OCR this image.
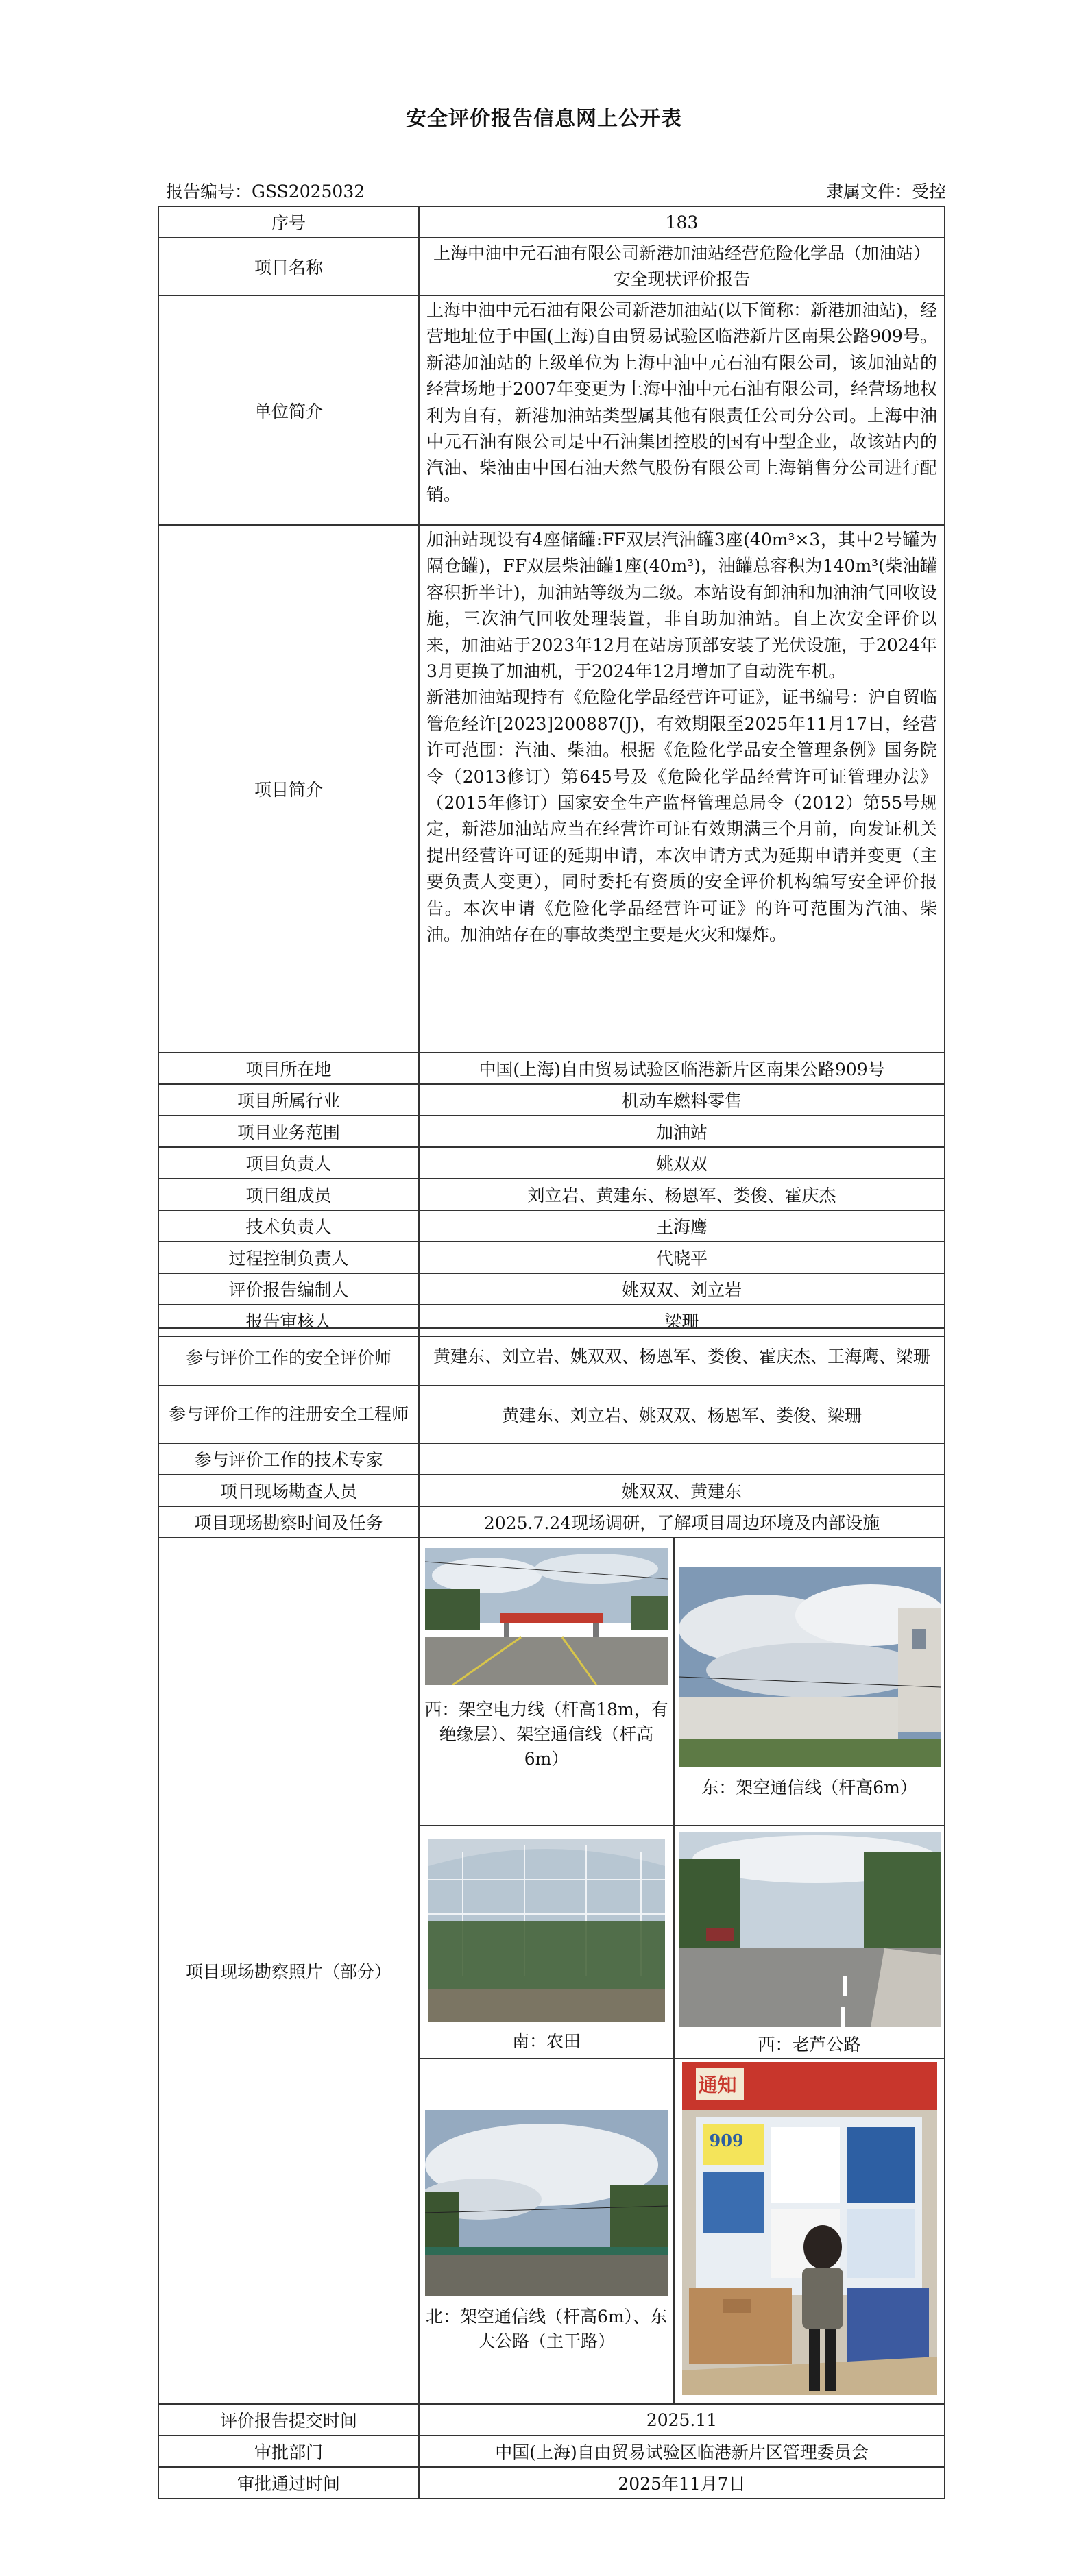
安全评价报告信息网上公开表
报告编号：GSS2025032	隶属文件：受控
序号	183
项目名称	上海中油中元石油有限公司新港加油站经营危险化学品（加油站）安全现状评价报告
单位简介	上海中油中元石油有限公司新港加油站(以下简称：新港加油站)，经营地址位于中国(上海)自由贸易试验区临港新片区南果公路909号。新港加油站的上级单位为上海中油中元石油有限公司，该加油站的经营场地于2007年变更为上海中油中元石油有限公司，经营场地权利为自有，新港加油站类型属其他有限责任公司分公司。上海中油中元石油有限公司是中石油集团控股的国有中型企业，故该站内的汽油、柴油由中国石油天然气股份有限公司上海销售分公司进行配销。
项目简介	加油站现设有4座储罐:FF双层汽油罐3座(40m³×3，其中2号罐为隔仓罐)，FF双层柴油罐1座(40m³)，油罐总容积为140m³(柴油罐容积折半计)，加油站等级为二级。本站设有卸油和加油油气回收设施，三次油气回收处理装置，非自助加油站。自上次安全评价以来，加油站于2023年12月在站房顶部安装了光伏设施，于2024年3月更换了加油机，于2024年12月增加了自动洗车机。
新港加油站现持有《危险化学品经营许可证》，证书编号：沪自贸临管危经许[2023]200887(J)，有效期限至2025年11月17日，经营许可范围：汽油、柴油。根据《危险化学品安全管理条例》国务院令（2013修订）第645号及《危险化学品经营许可证管理办法》（2015年修订）国家安全生产监督管理总局令（2012）第55号规定，新港加油站应当在经营许可证有效期满三个月前，向发证机关提出经营许可证的延期申请，本次申请方式为延期申请并变更（主要负责人变更），同时委托有资质的安全评价机构编写安全评价报告。本次申请《危险化学品经营许可证》的许可范围为汽油、柴油。加油站存在的事故类型主要是火灾和爆炸。

项目所在地	中国(上海)自由贸易试验区临港新片区南果公路909号
项目所属行业	机动车燃料零售
项目业务范围	加油站
项目负责人	姚双双
项目组成员	刘立岩、黄建东、杨恩军、娄俊、霍庆杰
技术负责人	王海鹰
过程控制负责人	代晓平
评价报告编制人	姚双双、刘立岩
报告审核人	梁珊
参与评价工作的安全评价师	黄建东、刘立岩、姚双双、杨恩军、娄俊、霍庆杰、王海鹰、梁珊	
参与评价工作的注册安全工程师	黄建东、刘立岩、姚双双、杨恩军、娄俊、梁珊	
参与评价工作的技术专家		
项目现场勘查人员	姚双双、黄建东	
项目现场勘察时间及任务	2025.7.24现场调研，了解项目周边环境及内部设施	
项目现场勘察照片（部分）	西：架空电力线（杆高18m，有绝缘层）、架空通信线（杆高6m）	东：架空通信线（杆高6m）

	南：农田	西：老芦公路

	北：架空通信线（杆高6m）、东大公路（主干路）	通知
909

评价报告提交时间	2025.11	
审批部门	中国(上海)自由贸易试验区临港新片区管理委员会	
审批通过时间	2025年11月7日	
